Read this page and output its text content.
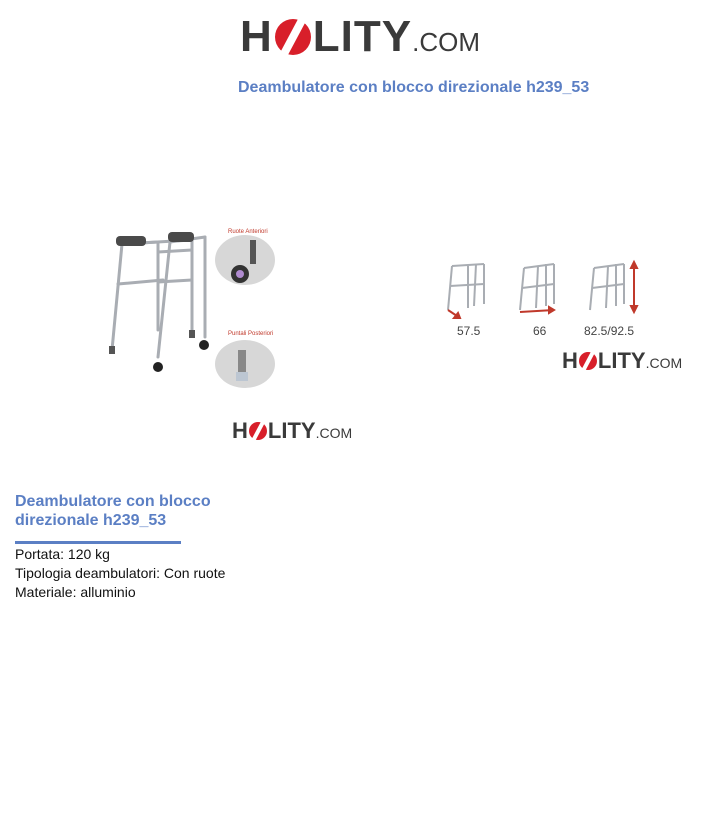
H LITY .COM
Deambulatore con blocco direzionale h239_53
Ruote Anteriori
Puntali Posteriori
H LITY .COM
57.5	66	82.5/92.5
H LITY .COM
Deambulatore con blocco direzionale h239_53
Portata: 120 kg
Tipologia deambulatori: Con ruote
Materiale: alluminio
